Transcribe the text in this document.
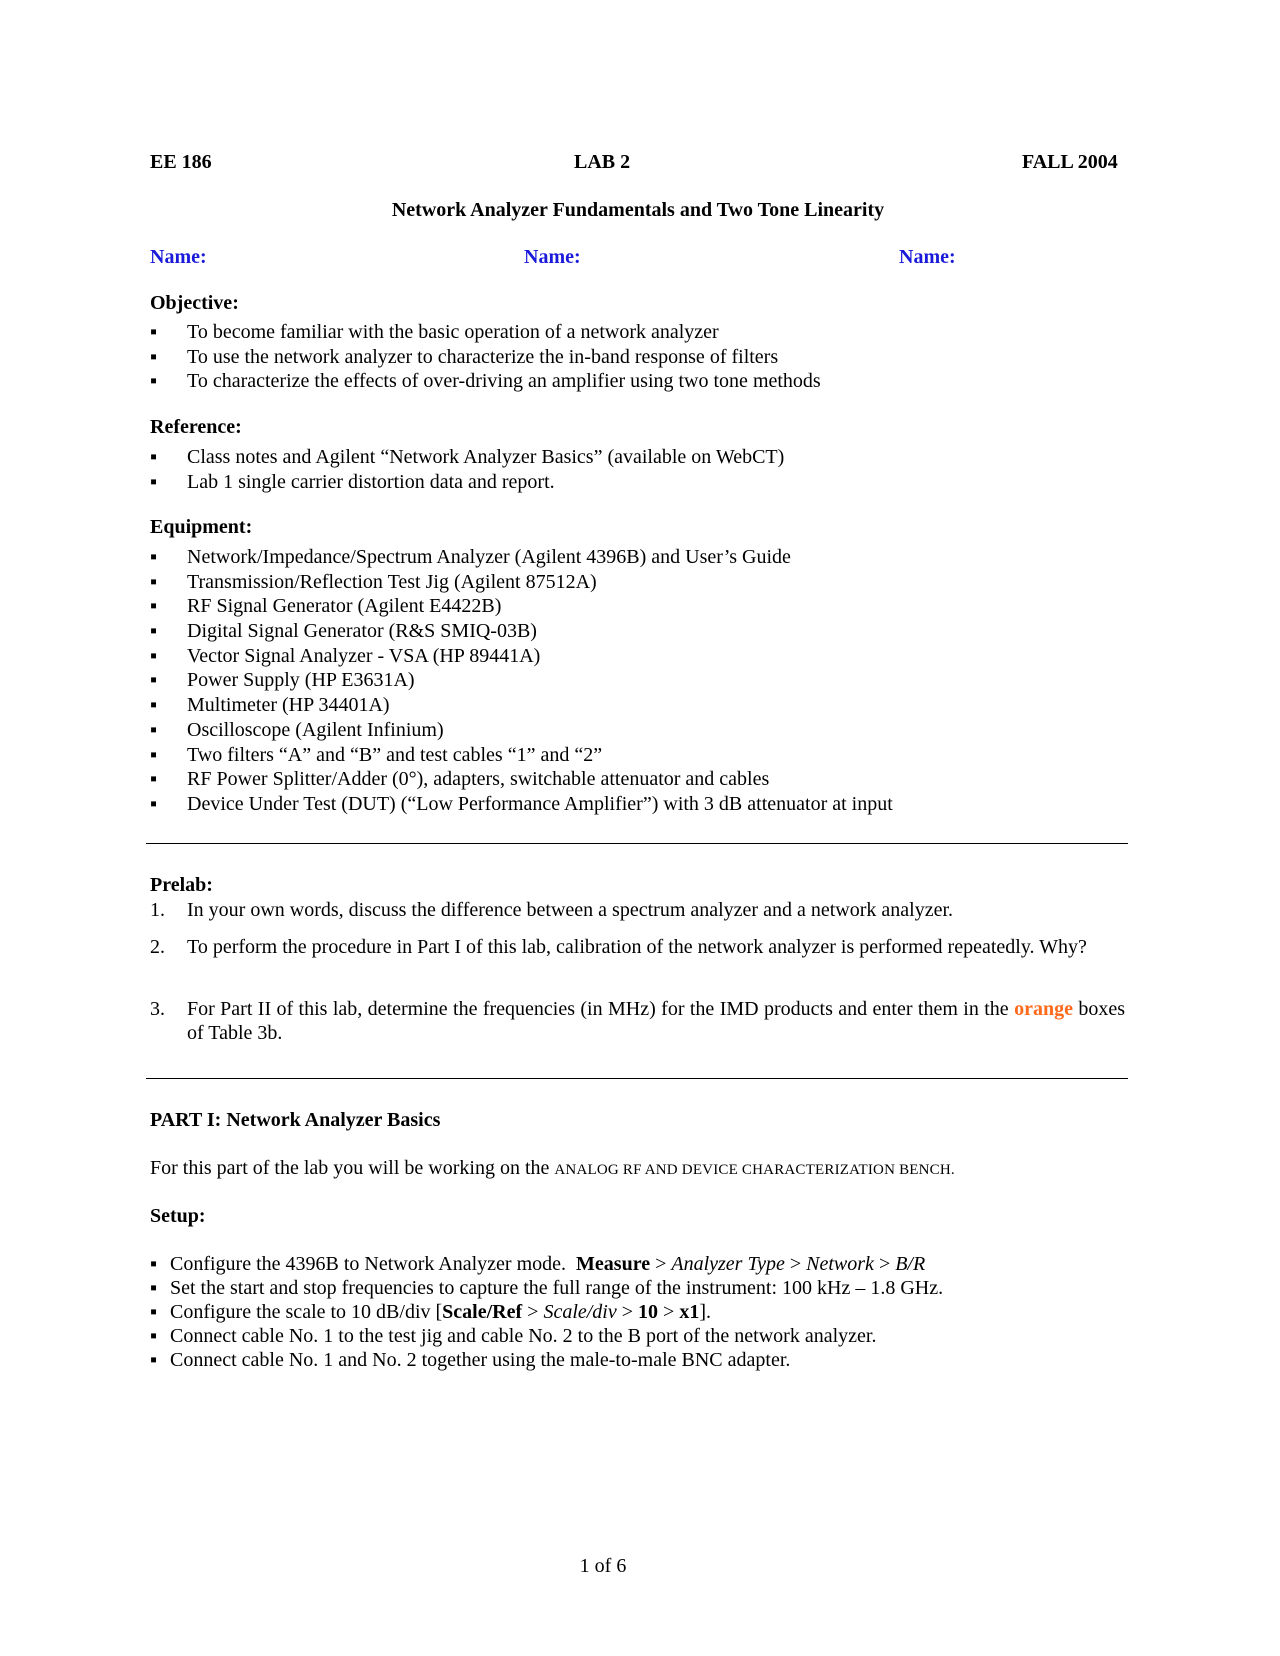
EE 186	LAB 2	FALL 2004
Network Analyzer Fundamentals and Two Tone Linearity
Name:	Name:	Name:
Objective:
▪ To become familiar with the basic operation of a network analyzer
▪ To use the network analyzer to characterize the in-band response of filters
▪ To characterize the effects of over-driving an amplifier using two tone methods
Reference:
▪ Class notes and Agilent “Network Analyzer Basics” (available on WebCT)
▪ Lab 1 single carrier distortion data and report.
Equipment:
▪ Network/Impedance/Spectrum Analyzer (Agilent 4396B) and User’s Guide
▪ Transmission/Reflection Test Jig (Agilent 87512A)
▪ RF Signal Generator (Agilent E4422B)
▪ Digital Signal Generator (R&S SMIQ-03B)
▪ Vector Signal Analyzer - VSA (HP 89441A)
▪ Power Supply (HP E3631A)
▪ Multimeter (HP 34401A)
▪ Oscilloscope (Agilent Infinium)
▪ Two filters “A” and “B” and test cables “1” and “2”
▪ RF Power Splitter/Adder (0°), adapters, switchable attenuator and cables
▪ Device Under Test (DUT) (“Low Performance Amplifier”) with 3 dB attenuator at input
Prelab:
1. In your own words, discuss the difference between a spectrum analyzer and a network analyzer.
2. To perform the procedure in Part I of this lab, calibration of the network analyzer is performed repeatedly. Why?
3. For Part II of this lab, determine the frequencies (in MHz) for the IMD products and enter them in the orange boxes of Table 3b.
PART I: Network Analyzer Basics
For this part of the lab you will be working on the ANALOG RF AND DEVICE CHARACTERIZATION BENCH.
Setup:
▪ Configure the 4396B to Network Analyzer mode. Measure > Analyzer Type > Network > B/R
▪ Set the start and stop frequencies to capture the full range of the instrument: 100 kHz – 1.8 GHz.
▪ Configure the scale to 10 dB/div [Scale/Ref > Scale/div > 10 > x1].
▪ Connect cable No. 1 to the test jig and cable No. 2 to the B port of the network analyzer.
▪ Connect cable No. 1 and No. 2 together using the male-to-male BNC adapter.
1 of 6
